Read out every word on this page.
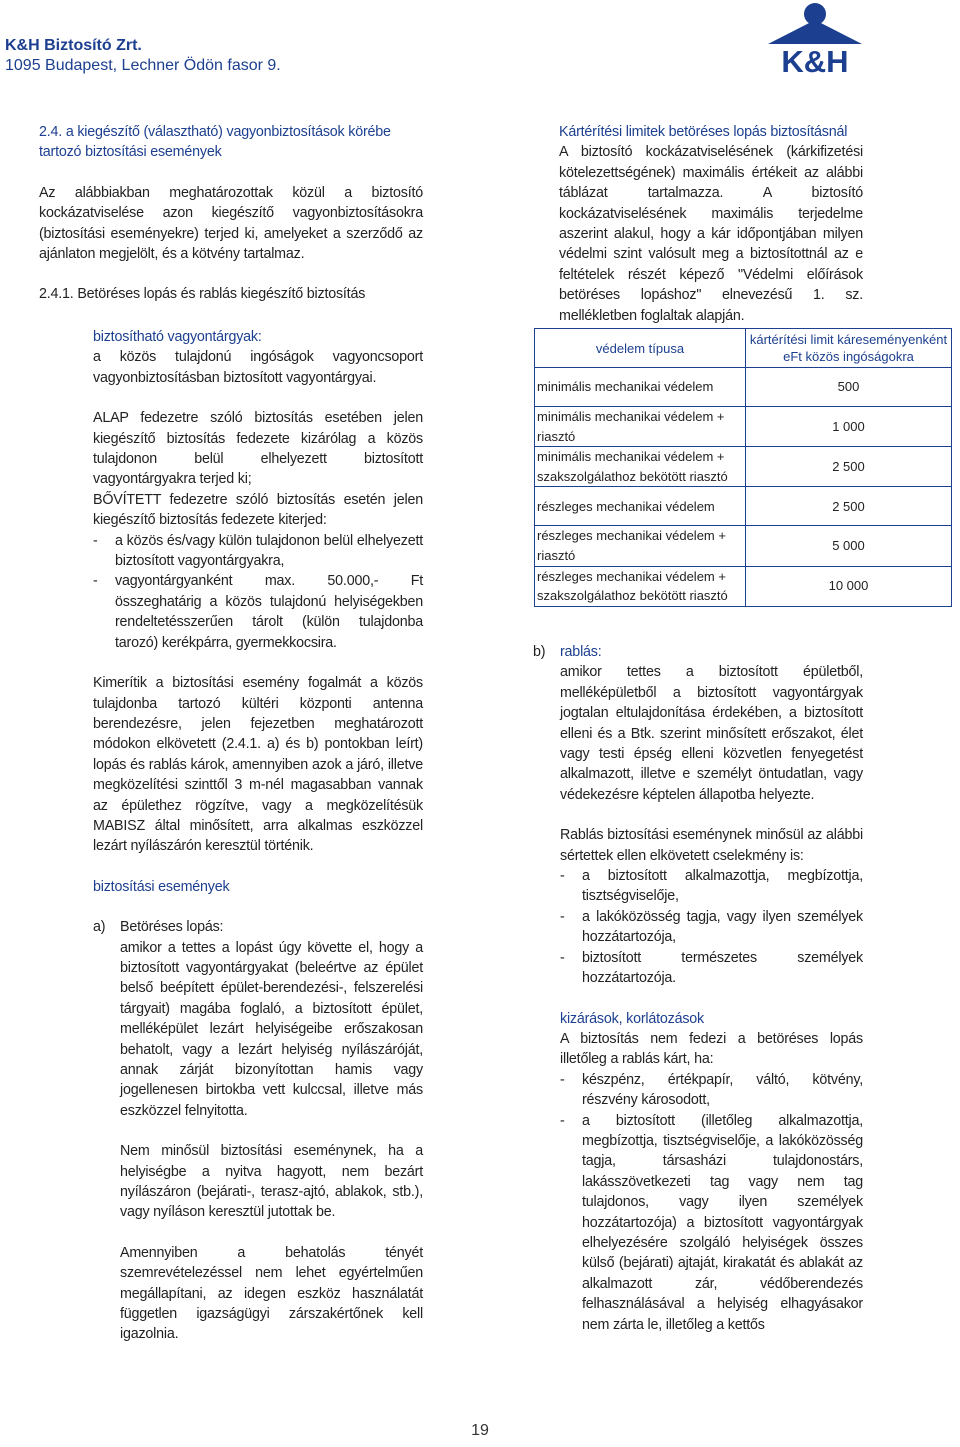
K&H Biztosító Zrt.
1095 Budapest, Lechner Ödön fasor 9.	K&H

2.4. a kiegészítő (választható) vagyonbiztosítások körébe tartozó biztosítási események

Az alábbiakban meghatározottak közül a biztosító kockázatviselése azon kiegészítő vagyonbiztosításokra (biztosítási eseményekre) terjed ki, amelyeket a szerződő az ajánlaton megjelölt, és a kötvény tartalmaz.

2.4.1. Betöréses lopás és rablás kiegészítő biztosítás

biztosítható vagyontárgyak:

a közös tulajdonú ingóságok vagyoncsoport vagyonbiztosításban biztosított vagyontárgyai.

ALAP fedezetre szóló biztosítás esetében jelen kiegészítő biztosítás fedezete kizárólag a közös tulajdonon belül elhelyezett biztosított vagyontárgyakra terjed ki;

BŐVÍTETT fedezetre szóló biztosítás esetén jelen kiegészítő biztosítás fedezete kiterjed:

- a közös és/vagy külön tulajdonon belül elhelyezett biztosított vagyontárgyakra,
- vagyontárgyanként max. 50.000,- Ft összeghatárig a közös tulajdonú helyiségekben rendeltetésszerűen tárolt (külön tulajdonba tarozó) kerékpárra, gyermekkocsira.

Kimerítik a biztosítási esemény fogalmát a közös tulajdonba tartozó kültéri központi antenna berendezésre, jelen fejezetben meghatározott módokon elkövetett (2.4.1. a) és b) pontokban leírt) lopás és rablás károk, amennyiben azok a járó, illetve megközelítési szinttől 3 m-nél magasabban vannak az épülethez rögzítve, vagy a megközelítésük MABISZ által minősített, arra alkalmas eszközzel lezárt nyílászárón keresztül történik.

biztosítási események

a) Betöréses lopás:
amikor a tettes a lopást úgy követte el, hogy a biztosított vagyontárgyakat (beleértve az épület belső beépített épület-berendezési-, felszerelési tárgyait) magába foglaló, a biztosított épület, melléképület lezárt helyiségeibe erőszakosan behatolt, vagy a lezárt helyiség nyílászáróját, annak zárját bizonyítottan hamis vagy jogellenesen birtokba vett kulccsal, illetve más eszközzel felnyitotta.
Nem minősül biztosítási eseménynek, ha a helyiségbe a nyitva hagyott, nem bezárt nyílászáron (bejárati-, terasz-ajtó, ablakok, stb.), vagy nyíláson keresztül jutottak be.
Amennyiben a behatolás tényét szemrevételezéssel nem lehet egyértelműen megállapítani, az idegen eszköz használatát független igazságügyi zárszakértőnek kell igazolnia.

Kártérítési limitek betöréses lopás biztosításnál

A biztosító kockázatviselésének (kárkifizetési kötelezettségének) maximális értékeit az alábbi táblázat tartalmazza. A biztosító kockázatviselésének maximális terjedelme aszerint alakul, hogy a kár időpontjában milyen védelmi szint valósult meg a biztosítottnál az e feltételek részét képező "Védelmi előírások betöréses lopáshoz" elnevezésű 1. sz. mellékletben foglaltak alapján.

védelem típusa	kártérítési limit káreseményenként eFt közös ingóságokra
minimális mechanikai védelem	500
minimális mechanikai védelem + riasztó	1 000
minimális mechanikai védelem + szakszolgálathoz bekötött riasztó	2 500
részleges mechanikai védelem	2 500
részleges mechanikai védelem + riasztó	5 000
részleges mechanikai védelem + szakszolgálathoz bekötött riasztó	10 000
b) rablás:
amikor tettes a biztosított épületből, melléképületből a biztosított vagyontárgyak jogtalan eltulajdonítása érdekében, a biztosított elleni és a Btk. szerint minősített erőszakot, élet vagy testi épség elleni közvetlen fenyegetést alkalmazott, illetve e személyt öntudatlan, vagy védekezésre képtelen állapotba helyezte.
Rablás biztosítási eseménynek minősül az alábbi sértettek ellen elkövetett cselekmény is:
- a biztosított alkalmazottja, megbízottja, tisztségviselője,
- a lakóközösség tagja, vagy ilyen személyek hozzátartozója,
- biztosított természetes személyek hozzátartozója.
kizárások, korlátozások
A biztosítás nem fedezi a betöréses lopás illetőleg a rablás kárt, ha:
- készpénz, értékpapír, váltó, kötvény, részvény károsodott,
- a biztosított (illetőleg alkalmazottja, megbízottja, tisztségviselője, a lakóközösség tagja, társasházi tulajdonostárs, lakásszövetkezeti tag vagy nem tag tulajdonos, vagy ilyen személyek hozzátartozója) a biztosított vagyontárgyak elhelyezésére szolgáló helyiségek összes külső (bejárati) ajtaját, kirakatát és ablakát az alkalmazott zár, védőberendezés felhasználásával a helyiség elhagyásakor nem zárta le, illetőleg a kettős
19
